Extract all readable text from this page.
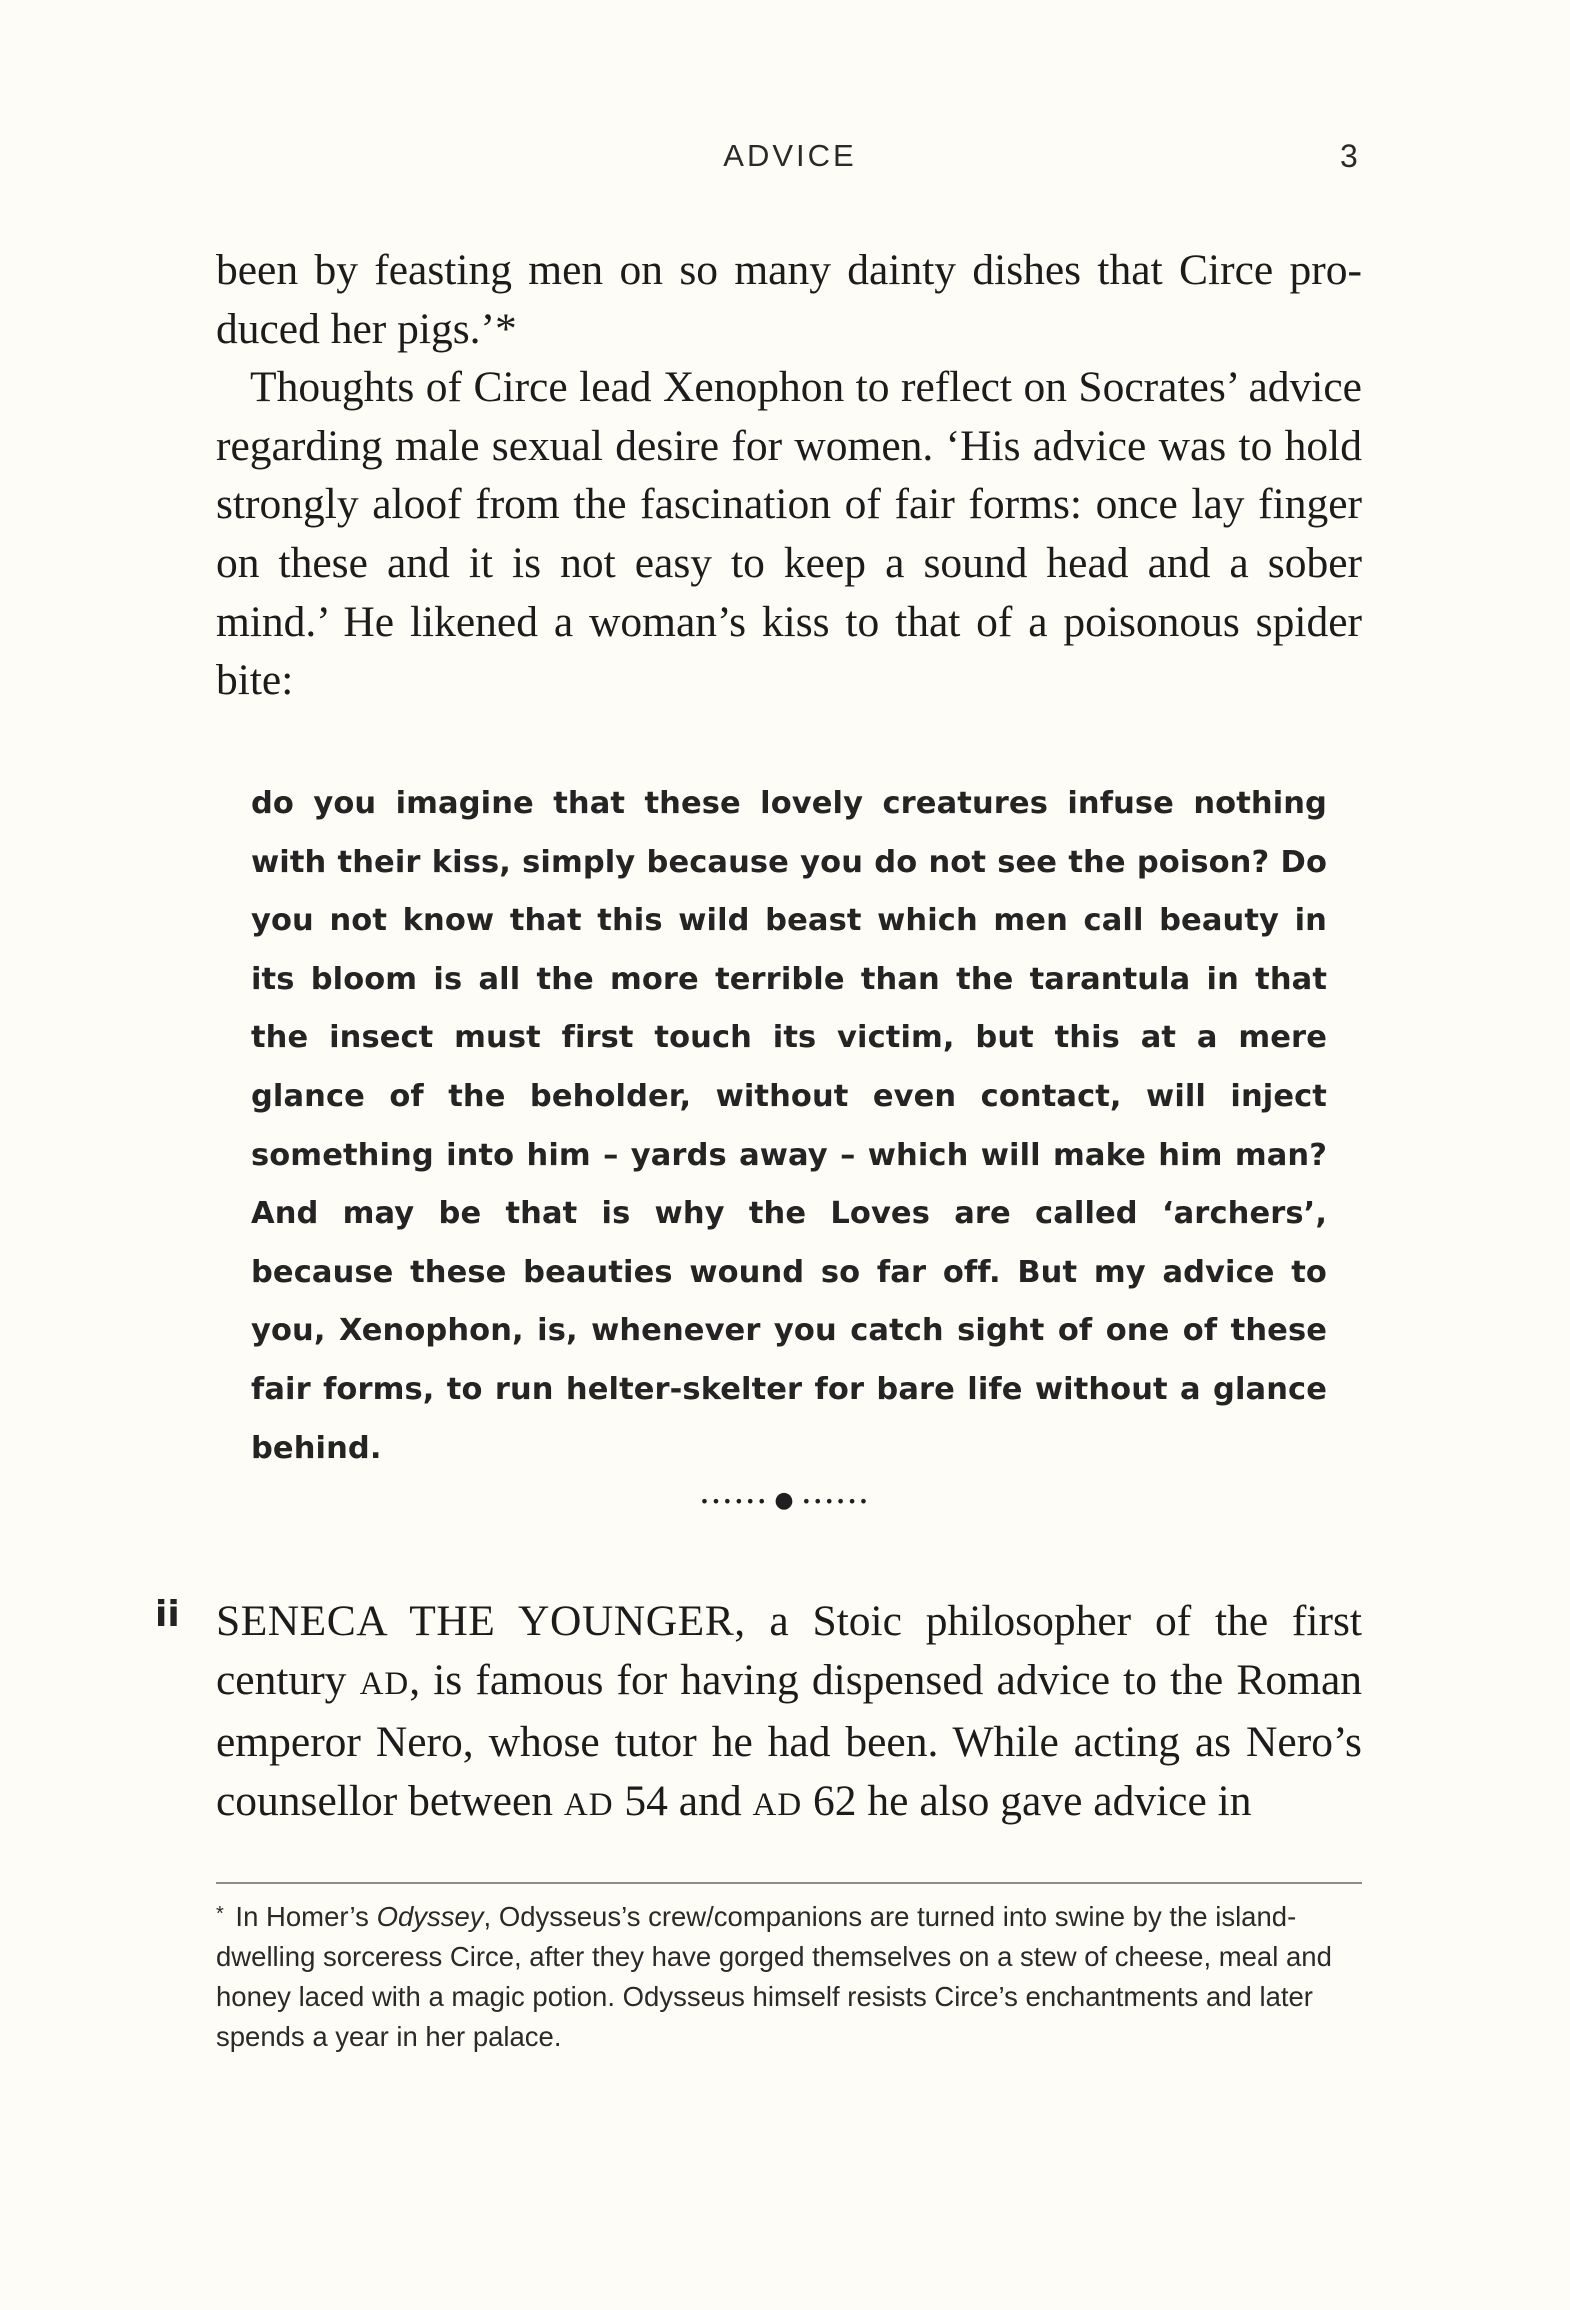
ADVICE	3

been by feasting men on so many dainty dishes that Circe pro-
duced her pigs.’*

Thoughts of Circe lead Xenophon to reflect on Socrates’ advice regarding male sexual desire for women. ‘His advice was to hold strongly aloof from the fascination of fair forms: once lay finger on these and it is not easy to keep a sound head and a sober mind.’ He likened a woman’s kiss to that of a poisonous spider bite:

do you imagine that these lovely creatures infuse nothing with their kiss, simply because you do not see the poison? Do you not know that this wild beast which men call beauty in its bloom is all the more terrible than the tarantula in that the insect must first touch its victim, but this at a mere glance of the beholder, without even contact, will inject something into him – yards away – which will make him man? And may be that is why the Loves are called ‘archers’, because these beauties wound so far off. But my advice to you, Xenophon, is, whenever you catch sight of one of these fair forms, to run helter-skelter for bare life without a glance behind.
•••••• ● ••••••
ii SENECA THE YOUNGER, a Stoic philosopher of the first century AD, is famous for having dispensed advice to the Roman emperor Nero, whose tutor he had been. While acting as Nero’s counsellor between AD 54 and AD 62 he also gave advice in

* In Homer’s Odyssey, Odysseus’s crew/companions are turned into swine by the island-dwelling sorceress Circe, after they have gorged themselves on a stew of cheese, meal and honey laced with a magic potion. Odysseus himself resists Circe’s enchantments and later spends a year in her palace.
